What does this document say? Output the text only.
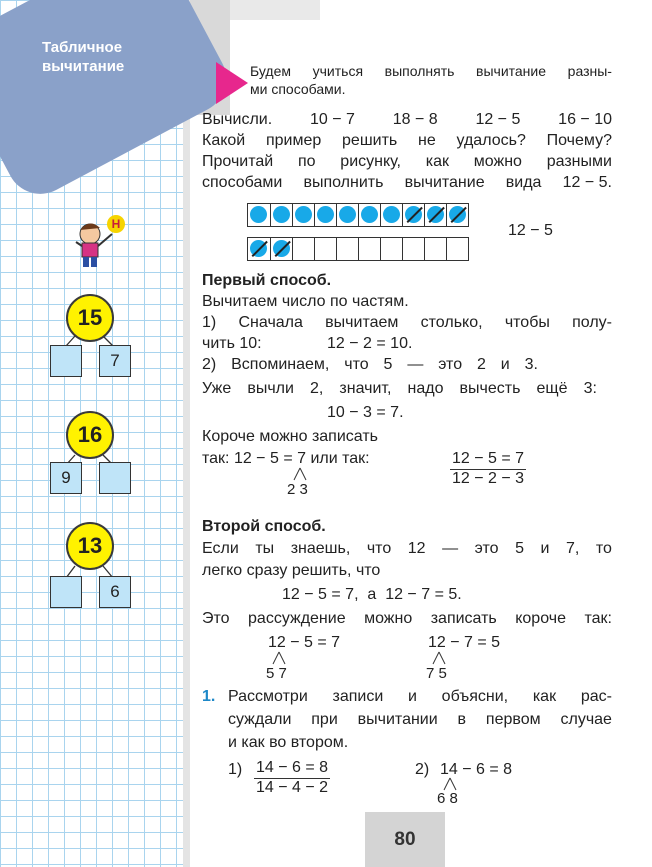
Табличное
вычитание
Н
15
7
16
9
13
6
Будем учиться выполнять вычитание разны-
ми способами.
Вычисли. 10 − 7 18 − 8 12 − 5 16 − 10
Какой пример решить не удалось? Почему?
Прочитай по рисунку, как можно разными
способами выполнить вычитание вида 12 − 5.
12 − 5
Первый способ.
Вычитаем число по частям.
1) Сначала вычитаем столько, чтобы полу-
чить 10:	12 − 2 = 10.
2) Вспоминаем, что 5 — это 2 и 3.
Уже вычли 2, значит, надо вычесть ещё 3:
10 − 3 = 7.
Короче можно записать
так: 12 − 5 = 7 или так:
2 3
$\frac{12 - 5 = 7}{12 - 2 - 3}$
Второй способ.
Если ты знаешь, что 12 — это 5 и 7, то
легко сразу решить, что
12 − 5 = 7,  а  12 − 7 = 5.
Это рассуждение можно записать короче так:
12 − 5 = 7
5 7
12 − 7 = 5
7 5
1. Рассмотри записи и объясни, как рас-
суждали при вычитании в первом случае
и как во втором.
$1) \frac{14 - 6 = 8}{14 - 4 - 2}$	2) 14 − 6 = 8
6 8
80
